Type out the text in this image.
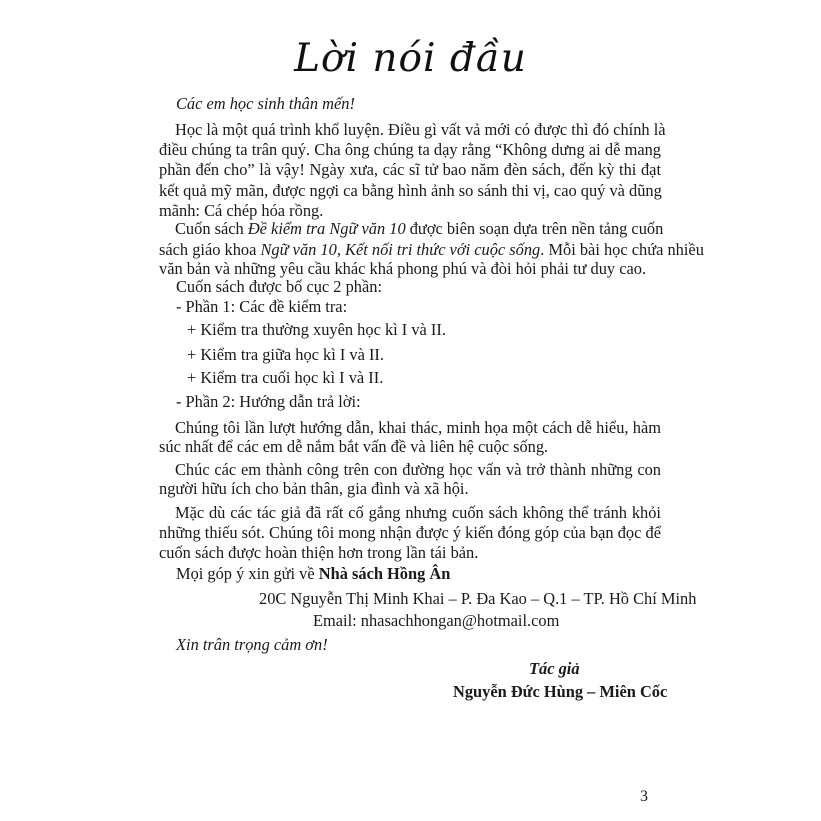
Lời nói đầu
Các em học sinh thân mến!
Học là một quá trình khổ luyện. Điều gì vất vả mới có được thì đó chính là
điều chúng ta trân quý. Cha ông chúng ta dạy rằng “Không dưng ai dễ mang
phần đến cho” là vậy! Ngày xưa, các sĩ tử bao năm đèn sách, đến kỳ thi đạt
kết quả mỹ mãn, được ngợi ca bằng hình ảnh so sánh thi vị, cao quý và dũng
mãnh: Cá chép hóa rồng.
Cuốn sách Đề kiểm tra Ngữ văn 10 được biên soạn dựa trên nền tảng cuốn
sách giáo khoa Ngữ văn 10, Kết nối tri thức với cuộc sống. Mỗi bài học chứa nhiều
văn bản và những yêu cầu khác khá phong phú và đòi hỏi phải tư duy cao.
Cuốn sách được bố cục 2 phần:
- Phần 1: Các đề kiểm tra:
+ Kiểm tra thường xuyên học kì I và II.
+ Kiểm tra giữa học kì I và II.
+ Kiểm tra cuối học kì I và II.
- Phần 2: Hướng dẫn trả lời:
Chúng tôi lần lượt hướng dẫn, khai thác, minh họa một cách dễ hiểu, hàm
súc nhất để các em dễ nắm bắt vấn đề và liên hệ cuộc sống.
Chúc các em thành công trên con đường học vấn và trở thành những con
người hữu ích cho bản thân, gia đình và xã hội.
Mặc dù các tác giả đã rất cố gắng nhưng cuốn sách không thể tránh khỏi
những thiếu sót. Chúng tôi mong nhận được ý kiến đóng góp của bạn đọc để
cuốn sách được hoàn thiện hơn trong lần tái bản.
Mọi góp ý xin gửi về Nhà sách Hồng Ân
20C Nguyễn Thị Minh Khai – P. Đa Kao – Q.1 – TP. Hồ Chí Minh
Email: nhasachhongan@hotmail.com
Xin trân trọng cảm ơn!
Tác giả
Nguyễn Đức Hùng – Miên Cốc
3
